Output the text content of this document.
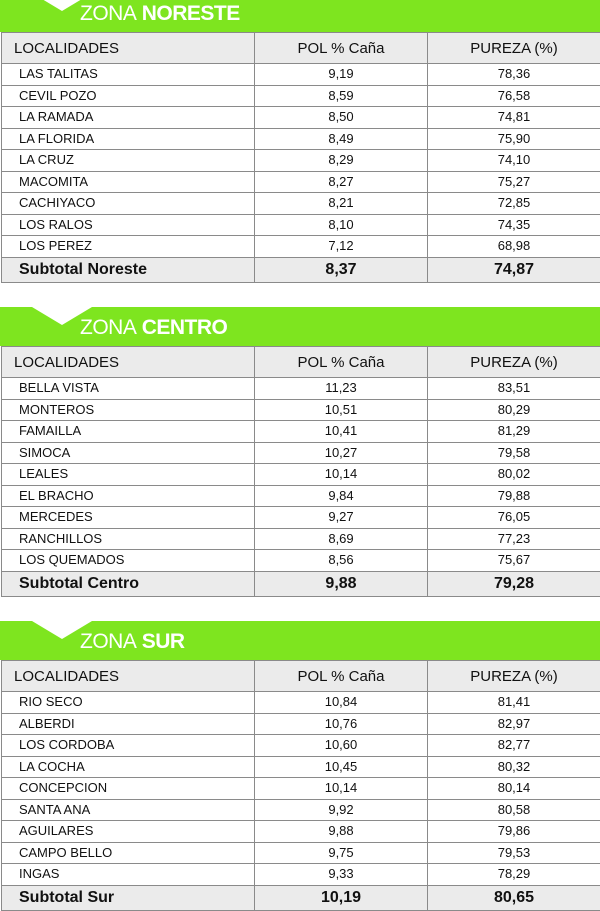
ZONA NORESTE
LOCALIDADES	POL % Caña	PUREZA (%)
LAS TALITAS	9,19	78,36
CEVIL POZO	8,59	76,58
LA RAMADA	8,50	74,81
LA FLORIDA	8,49	75,90
LA CRUZ	8,29	74,10
MACOMITA	8,27	75,27
CACHIYACO	8,21	72,85
LOS RALOS	8,10	74,35
LOS PEREZ	7,12	68,98
Subtotal Noreste	8,37	74,87
ZONA CENTRO
LOCALIDADES	POL % Caña	PUREZA (%)
BELLA VISTA	11,23	83,51
MONTEROS	10,51	80,29
FAMAILLA	10,41	81,29
SIMOCA	10,27	79,58
LEALES	10,14	80,02
EL BRACHO	9,84	79,88
MERCEDES	9,27	76,05
RANCHILLOS	8,69	77,23
LOS QUEMADOS	8,56	75,67
Subtotal Centro	9,88	79,28
ZONA SUR
LOCALIDADES	POL % Caña	PUREZA (%)
RIO SECO	10,84	81,41
ALBERDI	10,76	82,97
LOS CORDOBA	10,60	82,77
LA COCHA	10,45	80,32
CONCEPCION	10,14	80,14
SANTA ANA	9,92	80,58
AGUILARES	9,88	79,86
CAMPO BELLO	9,75	79,53
INGAS	9,33	78,29
Subtotal Sur	10,19	80,65
